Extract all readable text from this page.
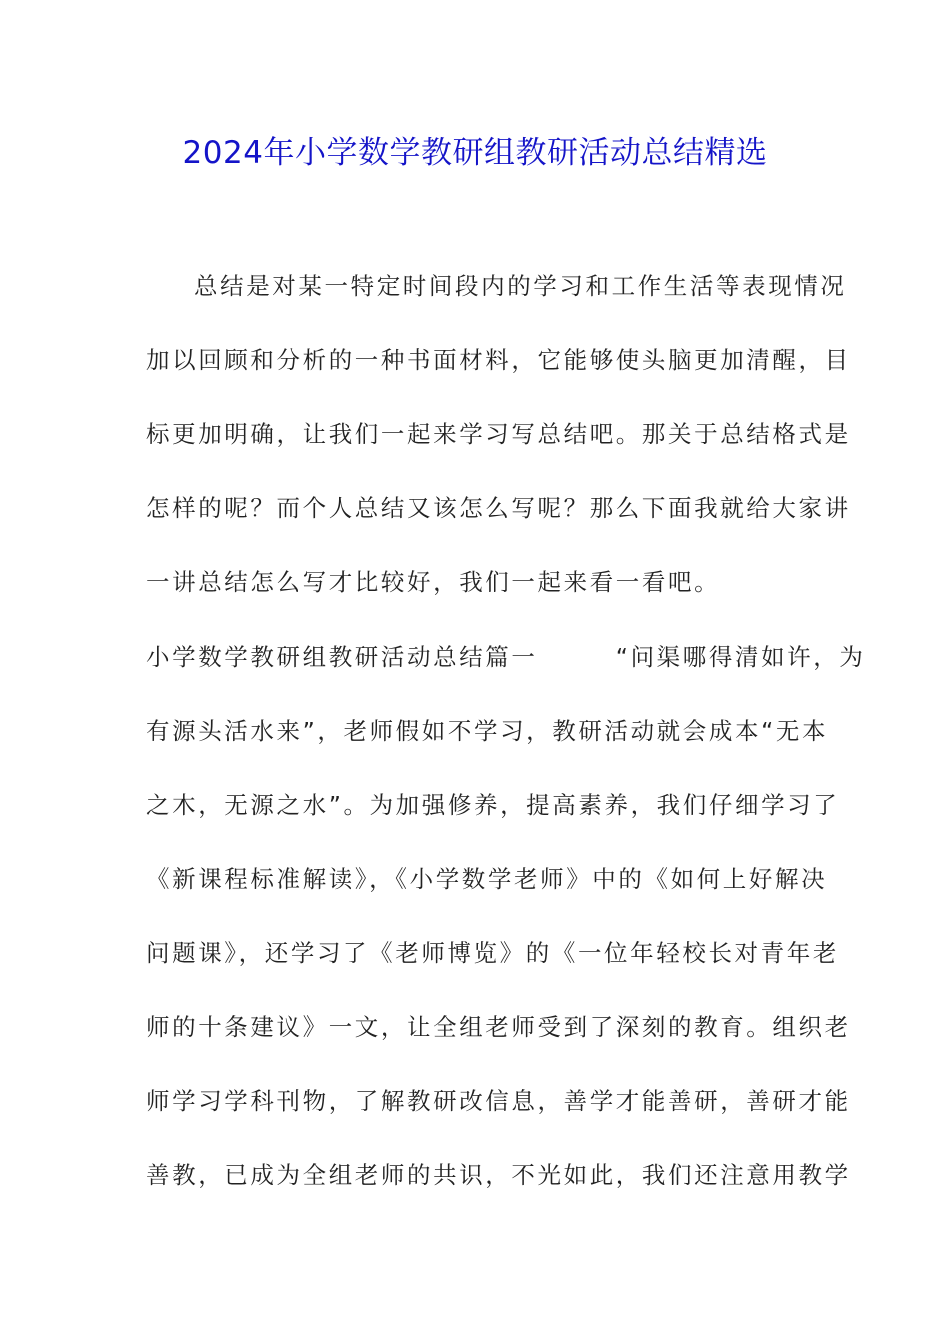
2024年小学数学教研组教研活动总结精选
总结是对某一特定时间段内的学习和工作生活等表现情况
加以回顾和分析的一种书面材料，它能够使头脑更加清醒，目
标更加明确，让我们一起来学习写总结吧。那关于总结格式是
怎样的呢？而个人总结又该怎么写呢？那么下面我就给大家讲
一讲总结怎么写才比较好，我们一起来看一看吧。
小学数学教研组教研活动总结篇一　　　“问渠哪得清如许，为
有源头活水来”，老师假如不学习，教研活动就会成本“无本
之木，无源之水”。为加强修养，提高素养，我们仔细学习了
《新课程标准解读》，《小学数学老师》中的《如何上好解决
问题课》，还学习了《老师博览》的《一位年轻校长对青年老
师的十条建议》一文，让全组老师受到了深刻的教育。组织老
师学习学科刊物，了解教研改信息，善学才能善研，善研才能
善教，已成为全组老师的共识，不光如此，我们还注意用教学
